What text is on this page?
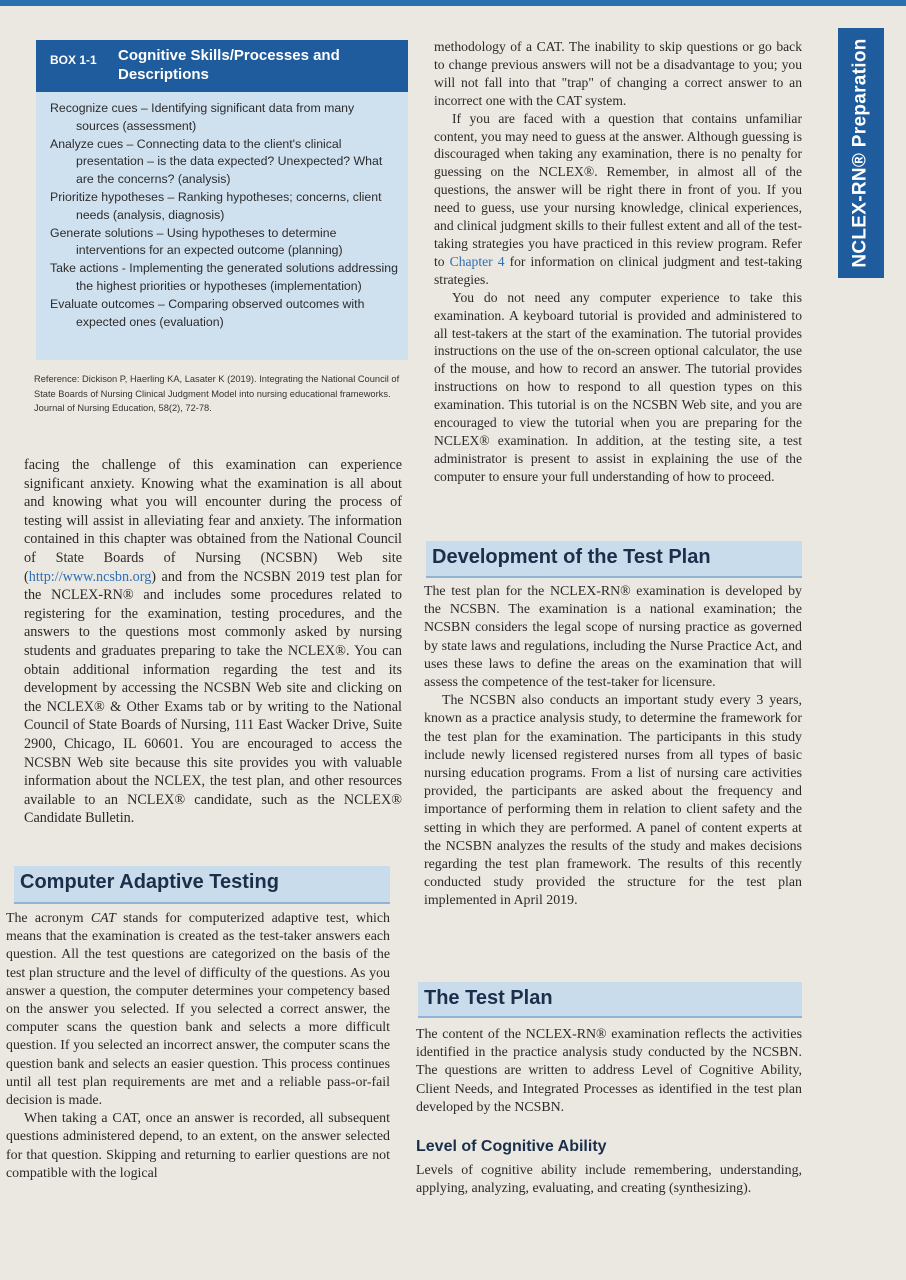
NCLEX-RN® Preparation
BOX 1-1	Cognitive Skills/Processes and Descriptions
Recognize cues – Identifying significant data from many sources (assessment)
Analyze cues – Connecting data to the client's clinical presentation – is the data expected? Unexpected? What are the concerns? (analysis)
Prioritize hypotheses – Ranking hypotheses; concerns, client needs (analysis, diagnosis)
Generate solutions – Using hypotheses to determine interventions for an expected outcome (planning)
Take actions - Implementing the generated solutions addressing the highest priorities or hypotheses (implementation)
Evaluate outcomes – Comparing observed outcomes with expected ones (evaluation)
Reference: Dickison P, Haerling KA, Lasater K (2019). Integrating the National Council of State Boards of Nursing Clinical Judgment Model into nursing educational frameworks. Journal of Nursing Education, 58(2), 72-78.

facing the challenge of this examination can experience significant anxiety. Knowing what the examination is all about and knowing what you will encounter during the process of testing will assist in alleviating fear and anxiety. The information contained in this chapter was obtained from the National Council of State Boards of Nursing (NCSBN) Web site (http://www.ncsbn.org) and from the NCSBN 2019 test plan for the NCLEX-RN® and includes some procedures related to registering for the examination, testing procedures, and the answers to the questions most commonly asked by nursing students and graduates preparing to take the NCLEX®. You can obtain additional information regarding the test and its development by accessing the NCSBN Web site and clicking on the NCLEX® & Other Exams tab or by writing to the National Council of State Boards of Nursing, 111 East Wacker Drive, Suite 2900, Chicago, IL 60601. You are encouraged to access the NCSBN Web site because this site provides you with valuable information about the NCLEX, the test plan, and other resources available to an NCLEX® candidate, such as the NCLEX® Candidate Bulletin.

Computer Adaptive Testing

The acronym CAT stands for computerized adaptive test, which means that the examination is created as the test-taker answers each question. All the test questions are categorized on the basis of the test plan structure and the level of difficulty of the questions. As you answer a question, the computer determines your competency based on the answer you selected. If you selected a correct answer, the computer scans the question bank and selects a more difficult question. If you selected an incorrect answer, the computer scans the question bank and selects an easier question. This process continues until all test plan requirements are met and a reliable pass-or-fail decision is made.

When taking a CAT, once an answer is recorded, all subsequent questions administered depend, to an extent, on the answer selected for that question. Skipping and returning to earlier questions are not compatible with the logical

methodology of a CAT. The inability to skip questions or go back to change previous answers will not be a disadvantage to you; you will not fall into that "trap" of changing a correct answer to an incorrect one with the CAT system.

If you are faced with a question that contains unfamiliar content, you may need to guess at the answer. Although guessing is discouraged when taking any examination, there is no penalty for guessing on the NCLEX®. Remember, in almost all of the questions, the answer will be right there in front of you. If you need to guess, use your nursing knowledge, clinical experiences, and clinical judgment skills to their fullest extent and all of the test-taking strategies you have practiced in this review program. Refer to Chapter 4 for information on clinical judgment and test-taking strategies.

You do not need any computer experience to take this examination. A keyboard tutorial is provided and administered to all test-takers at the start of the examination. The tutorial provides instructions on the use of the on-screen optional calculator, the use of the mouse, and how to record an answer. The tutorial provides instructions on how to respond to all question types on this examination. This tutorial is on the NCSBN Web site, and you are encouraged to view the tutorial when you are preparing for the NCLEX® examination. In addition, at the testing site, a test administrator is present to assist in explaining the use of the computer to ensure your full understanding of how to proceed.

Development of the Test Plan

The test plan for the NCLEX-RN® examination is developed by the NCSBN. The examination is a national examination; the NCSBN considers the legal scope of nursing practice as governed by state laws and regulations, including the Nurse Practice Act, and uses these laws to define the areas on the examination that will assess the competence of the test-taker for licensure.

The NCSBN also conducts an important study every 3 years, known as a practice analysis study, to determine the framework for the test plan for the examination. The participants in this study include newly licensed registered nurses from all types of basic nursing education programs. From a list of nursing care activities provided, the participants are asked about the frequency and importance of performing them in relation to client safety and the setting in which they are performed. A panel of content experts at the NCSBN analyzes the results of the study and makes decisions regarding the test plan framework. The results of this recently conducted study provided the structure for the test plan implemented in April 2019.

The Test Plan

The content of the NCLEX-RN® examination reflects the activities identified in the practice analysis study conducted by the NCSBN. The questions are written to address Level of Cognitive Ability, Client Needs, and Integrated Processes as identified in the test plan developed by the NCSBN.

Level of Cognitive Ability

Levels of cognitive ability include remembering, understanding, applying, analyzing, evaluating, and creating (synthesizing).
